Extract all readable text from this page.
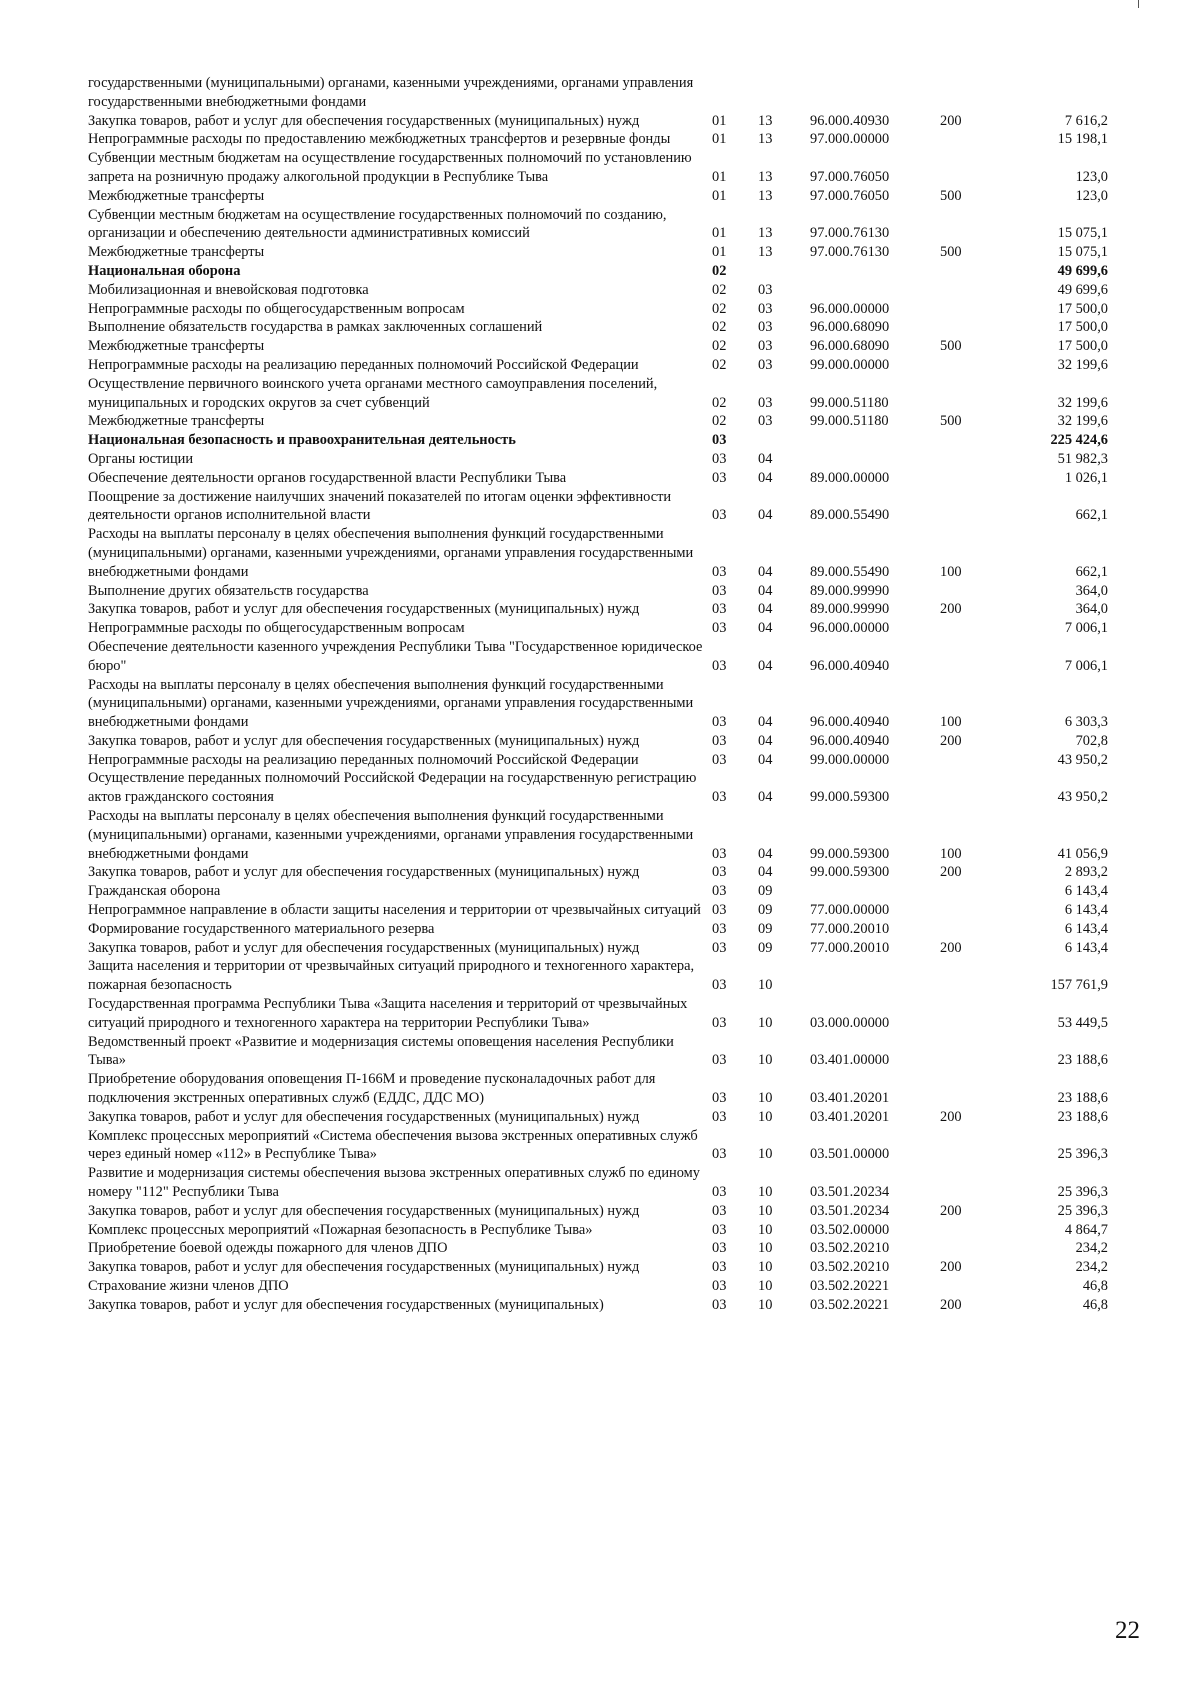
государственными (муниципальными) органами, казенными учреждениями, органами управления государственными внебюджетными фондами					
Закупка товаров, работ и услуг для обеспечения государственных (муниципальных) нужд	01	13	96.000.40930	200	7 616,2
Непрограммные расходы по предоставлению межбюджетных трансфертов и резервные фонды	01	13	97.000.00000		15 198,1
Субвенции местным бюджетам на осуществление государственных полномочий по установлению запрета на розничную продажу алкогольной продукции в Республике Тыва	01	13	97.000.76050		123,0
Межбюджетные трансферты	01	13	97.000.76050	500	123,0
Субвенции местным бюджетам на осуществление государственных полномочий по созданию, организации и обеспечению деятельности административных комиссий	01	13	97.000.76130		15 075,1
Межбюджетные трансферты	01	13	97.000.76130	500	15 075,1
Национальная оборона	02				49 699,6
Мобилизационная и вневойсковая подготовка	02	03			49 699,6
Непрограммные расходы по общегосударственным вопросам	02	03	96.000.00000		17 500,0
Выполнение обязательств государства в рамках заключенных соглашений	02	03	96.000.68090		17 500,0
Межбюджетные трансферты	02	03	96.000.68090	500	17 500,0
Непрограммные расходы на реализацию переданных полномочий Российской Федерации	02	03	99.000.00000		32 199,6
Осуществление первичного воинского учета органами местного самоуправления поселений, муниципальных и городских округов за счет субвенций	02	03	99.000.51180		32 199,6
Межбюджетные трансферты	02	03	99.000.51180	500	32 199,6
Национальная безопасность и правоохранительная деятельность	03				225 424,6
Органы юстиции	03	04			51 982,3
Обеспечение деятельности органов государственной власти Республики Тыва	03	04	89.000.00000		1 026,1
Поощрение за достижение наилучших значений показателей по итогам оценки эффективности деятельности органов исполнительной власти	03	04	89.000.55490		662,1
Расходы на выплаты персоналу в целях обеспечения выполнения функций государственными (муниципальными) органами, казенными учреждениями, органами управления государственными внебюджетными фондами	03	04	89.000.55490	100	662,1
Выполнение других обязательств государства	03	04	89.000.99990		364,0
Закупка товаров, работ и услуг для обеспечения государственных (муниципальных) нужд	03	04	89.000.99990	200	364,0
Непрограммные расходы по общегосударственным вопросам	03	04	96.000.00000		7 006,1
Обеспечение деятельности казенного учреждения Республики Тыва "Государственное юридическое бюро"	03	04	96.000.40940		7 006,1
Расходы на выплаты персоналу в целях обеспечения выполнения функций государственными (муниципальными) органами, казенными учреждениями, органами управления государственными внебюджетными фондами	03	04	96.000.40940	100	6 303,3
Закупка товаров, работ и услуг для обеспечения государственных (муниципальных) нужд	03	04	96.000.40940	200	702,8
Непрограммные расходы на реализацию переданных полномочий Российской Федерации	03	04	99.000.00000		43 950,2
Осуществление переданных полномочий Российской Федерации на государственную регистрацию актов гражданского состояния	03	04	99.000.59300		43 950,2
Расходы на выплаты персоналу в целях обеспечения выполнения функций государственными (муниципальными) органами, казенными учреждениями, органами управления государственными внебюджетными фондами	03	04	99.000.59300	100	41 056,9
Закупка товаров, работ и услуг для обеспечения государственных (муниципальных) нужд	03	04	99.000.59300	200	2 893,2
Гражданская оборона	03	09			6 143,4
Непрограммное направление в области защиты населения и территории от чрезвычайных ситуаций	03	09	77.000.00000		6 143,4
Формирование государственного материального резерва	03	09	77.000.20010		6 143,4
Закупка товаров, работ и услуг для обеспечения государственных (муниципальных) нужд	03	09	77.000.20010	200	6 143,4
Защита населения и территории от чрезвычайных ситуаций природного и техногенного характера, пожарная безопасность	03	10			157 761,9
Государственная программа Республики Тыва «Защита населения и территорий от чрезвычайных ситуаций природного и техногенного характера на территории Республики Тыва»	03	10	03.000.00000		53 449,5
Ведомственный проект «Развитие и модернизация системы оповещения населения Республики Тыва»	03	10	03.401.00000		23 188,6
Приобретение оборудования оповещения П-166М и проведение пусконаладочных работ для подключения экстренных оперативных служб (ЕДДС, ДДС МО)	03	10	03.401.20201		23 188,6
Закупка товаров, работ и услуг для обеспечения государственных (муниципальных) нужд	03	10	03.401.20201	200	23 188,6
Комплекс процессных мероприятий «Система обеспечения вызова экстренных оперативных служб через единый номер «112» в Республике Тыва»	03	10	03.501.00000		25 396,3
Развитие и модернизация системы обеспечения вызова экстренных оперативных служб по единому номеру "112" Республики Тыва	03	10	03.501.20234		25 396,3
Закупка товаров, работ и услуг для обеспечения государственных (муниципальных) нужд	03	10	03.501.20234	200	25 396,3
Комплекс процессных мероприятий «Пожарная безопасность в Республике Тыва»	03	10	03.502.00000		4 864,7
Приобретение боевой одежды пожарного для членов ДПО	03	10	03.502.20210		234,2
Закупка товаров, работ и услуг для обеспечения государственных (муниципальных) нужд	03	10	03.502.20210	200	234,2
Страхование жизни членов ДПО	03	10	03.502.20221		46,8
Закупка товаров, работ и услуг для обеспечения государственных (муниципальных)	03	10	03.502.20221	200	46,8
22
